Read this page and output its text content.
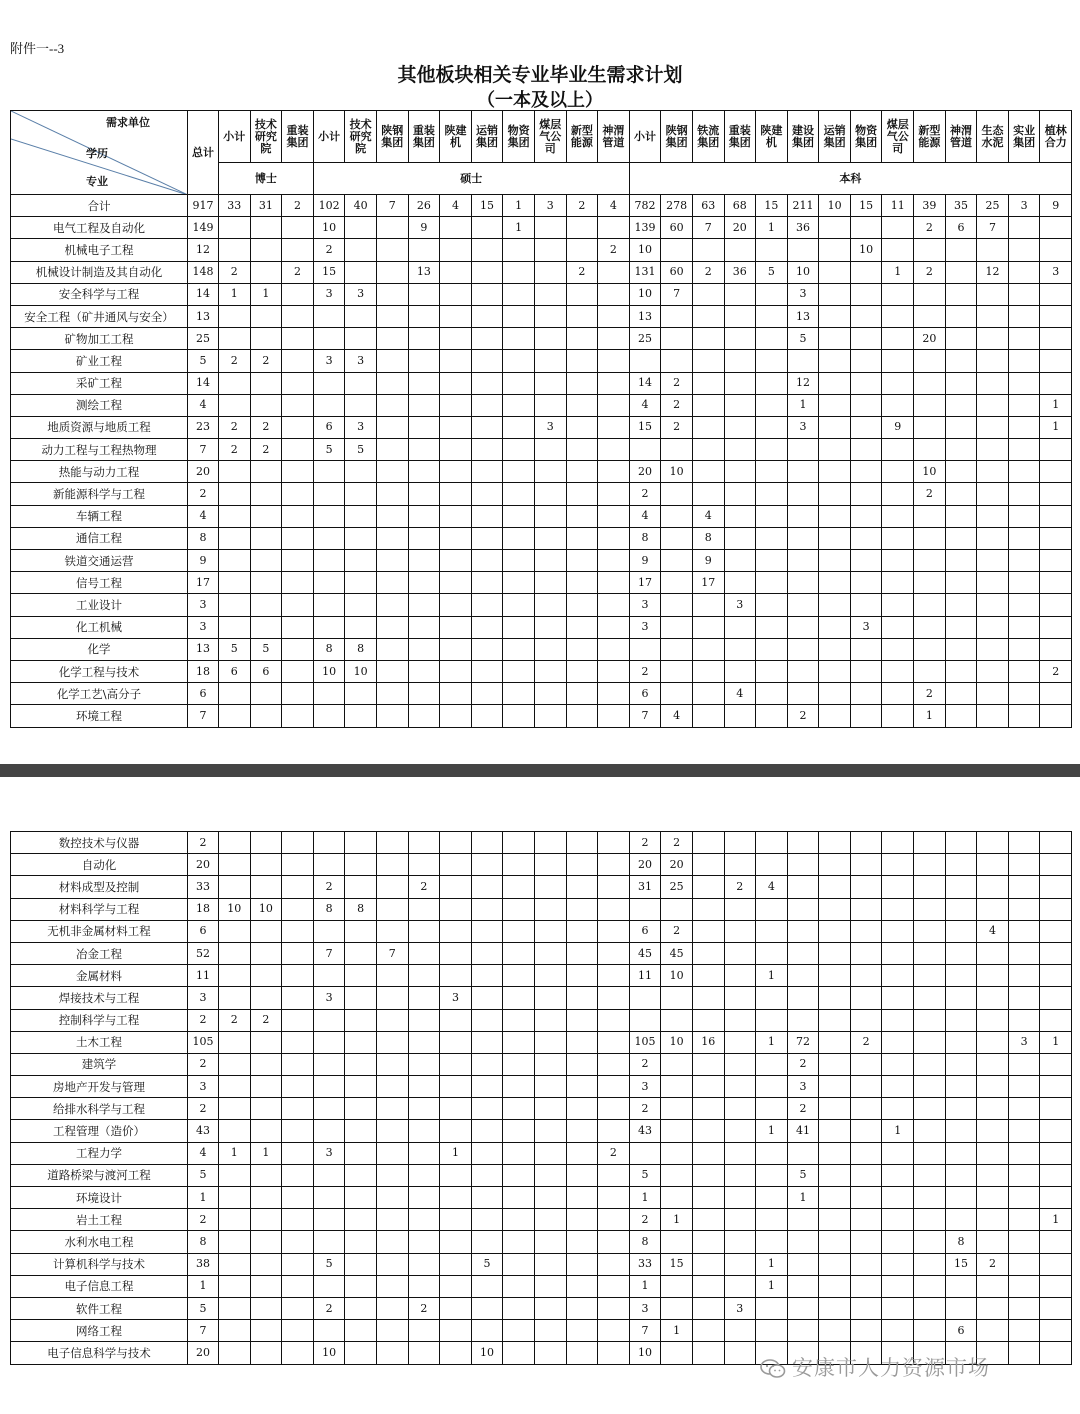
附件一--3
其他板块相关专业毕业生需求计划
（一本及以上）
需求单位
学历
专业	总计	小计	技术研究院	重装集团	小计	技术研究院	陕钢集团	重装集团	陕建机	运销集团	物资集团	煤层气公司	新型能源	神渭管道	小计	陕钢集团	铁流集团	重装集团	陕建机	建设集团	运销集团	物资集团	煤层气公司	新型能源	神渭管道	生态水泥	实业集团	植林合力
		博士			硕士										本科													
合计	917	33	31	2	102	40	7	26	4	15	1	3	2	4	782	278	63	68	15	211	10	15	11	39	35	25	3	9
电气工程及自动化	149				10			9			1				139	60	7	20	1	36				2	6	7		
机械电子工程	12				2									2	10							10						
机械设计制造及其自动化	148	2		2	15			13					2		131	60	2	36	5	10			1	2		12		3
安全科学与工程	14	1	1		3	3									10	7				3								
安全工程（矿井通风与安全）	13														13					13								
矿物加工工程	25														25					5				20				
矿业工程	5	2	2		3	3																						
采矿工程	14														14	2				12								
测绘工程	4														4	2				1								1
地质资源与地质工程	23	2	2		6	3						3			15	2				3			9					1
动力工程与工程热物理	7	2	2		5	5																						
热能与动力工程	20														20	10								10				
新能源科学与工程	2														2									2				
车辆工程	4														4		4											
通信工程	8														8		8											
铁道交通运营	9														9		9											
信号工程	17														17		17											
工业设计	3														3			3										
化工机械	3														3							3						
化学	13	5	5		8	8																						
化学工程与技术	18	6	6		10	10									2													2
化学工艺\高分子	6														6			4						2				
环境工程	7														7	4				2				1				
数控技术与仪器	2														2	2												
自动化	20														20	20												
材料成型及控制	33				2			2							31	25		2	4									
材料科学与工程	18	10	10		8	8																						
无机非金属材料工程	6														6	2										4		
冶金工程	52				7		7								45	45												
金属材料	11														11	10			1									
焊接技术与工程	3				3				3																			
控制科学与工程	2	2	2																									
土木工程	105														105	10	16		1	72		2					3	1
建筑学	2														2					2								
房地产开发与管理	3														3					3								
给排水科学与工程	2														2					2								
工程管理（造价）	43														43				1	41			1					
工程力学	4	1	1		3				1					2														
道路桥梁与渡河工程	5														5					5								
环境设计	1														1					1								
岩土工程	2														2	1												1
水利水电工程	8														8										8			
计算机科学与技术	38				5					5					33	15			1						15	2		
电子信息工程	1														1				1									
软件工程	5				2			2							3			3										
网络工程	7														7	1									6			
电子信息科学与技术	20				10					10					10													
安康市人力资源市场
